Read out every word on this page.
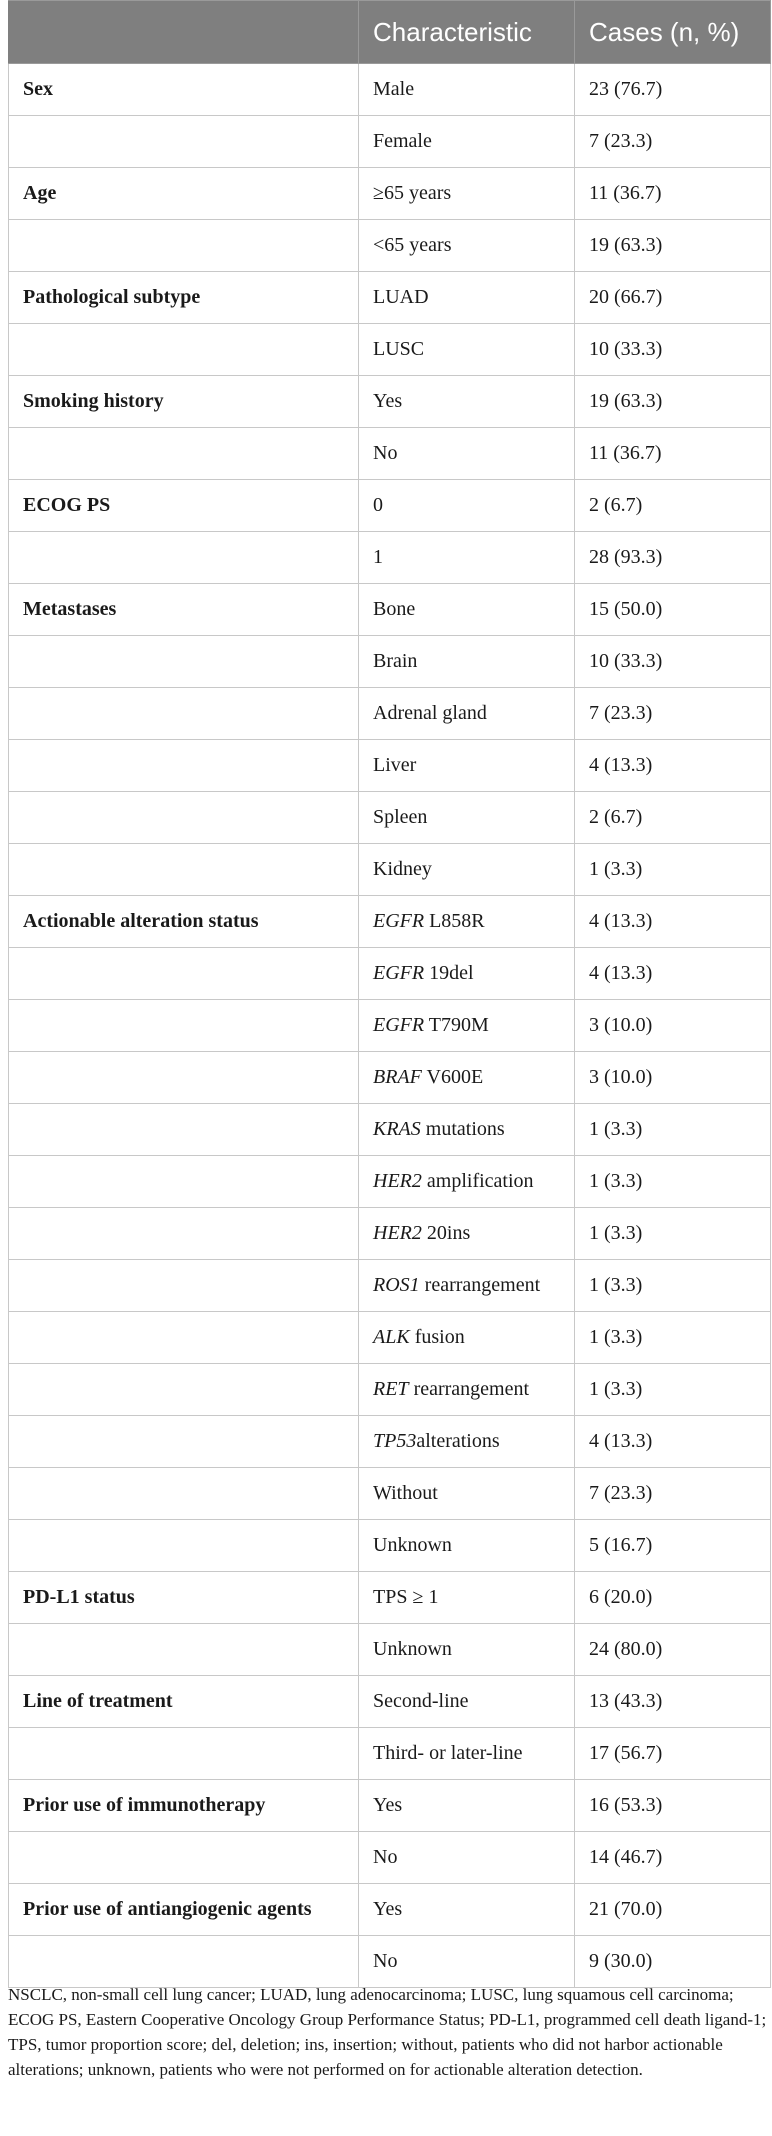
	Characteristic	Cases (n, %)
Sex	Male	23 (76.7)
	Female	7 (23.3)
Age	≥65 years	11 (36.7)
	<65 years	19 (63.3)
Pathological subtype	LUAD	20 (66.7)
	LUSC	10 (33.3)
Smoking history	Yes	19 (63.3)
	No	11 (36.7)
ECOG PS	0	2 (6.7)
	1	28 (93.3)
Metastases	Bone	15 (50.0)
	Brain	10 (33.3)
	Adrenal gland	7 (23.3)
	Liver	4 (13.3)
	Spleen	2 (6.7)
	Kidney	1 (3.3)
Actionable alteration status	EGFR L858R	4 (13.3)
	EGFR 19del	4 (13.3)
	EGFR T790M	3 (10.0)
	BRAF V600E	3 (10.0)
	KRAS mutations	1 (3.3)
	HER2 amplification	1 (3.3)
	HER2 20ins	1 (3.3)
	ROS1 rearrangement	1 (3.3)
	ALK fusion	1 (3.3)
	RET rearrangement	1 (3.3)
	TP53alterations	4 (13.3)
	Without	7 (23.3)
	Unknown	5 (16.7)
PD-L1 status	TPS ≥ 1	6 (20.0)
	Unknown	24 (80.0)
Line of treatment	Second-line	13 (43.3)
	Third- or later-line	17 (56.7)
Prior use of immunotherapy	Yes	16 (53.3)
	No	14 (46.7)
Prior use of antiangiogenic agents	Yes	21 (70.0)
	No	9 (30.0)

NSCLC, non-small cell lung cancer; LUAD, lung adenocarcinoma; LUSC, lung squamous cell carcinoma; ECOG PS, Eastern Cooperative Oncology Group Performance Status; PD-L1, programmed cell death ligand-1; TPS, tumor proportion score; del, deletion; ins, insertion; without, patients who did not harbor actionable alterations; unknown, patients who were not performed on for actionable alteration detection.
